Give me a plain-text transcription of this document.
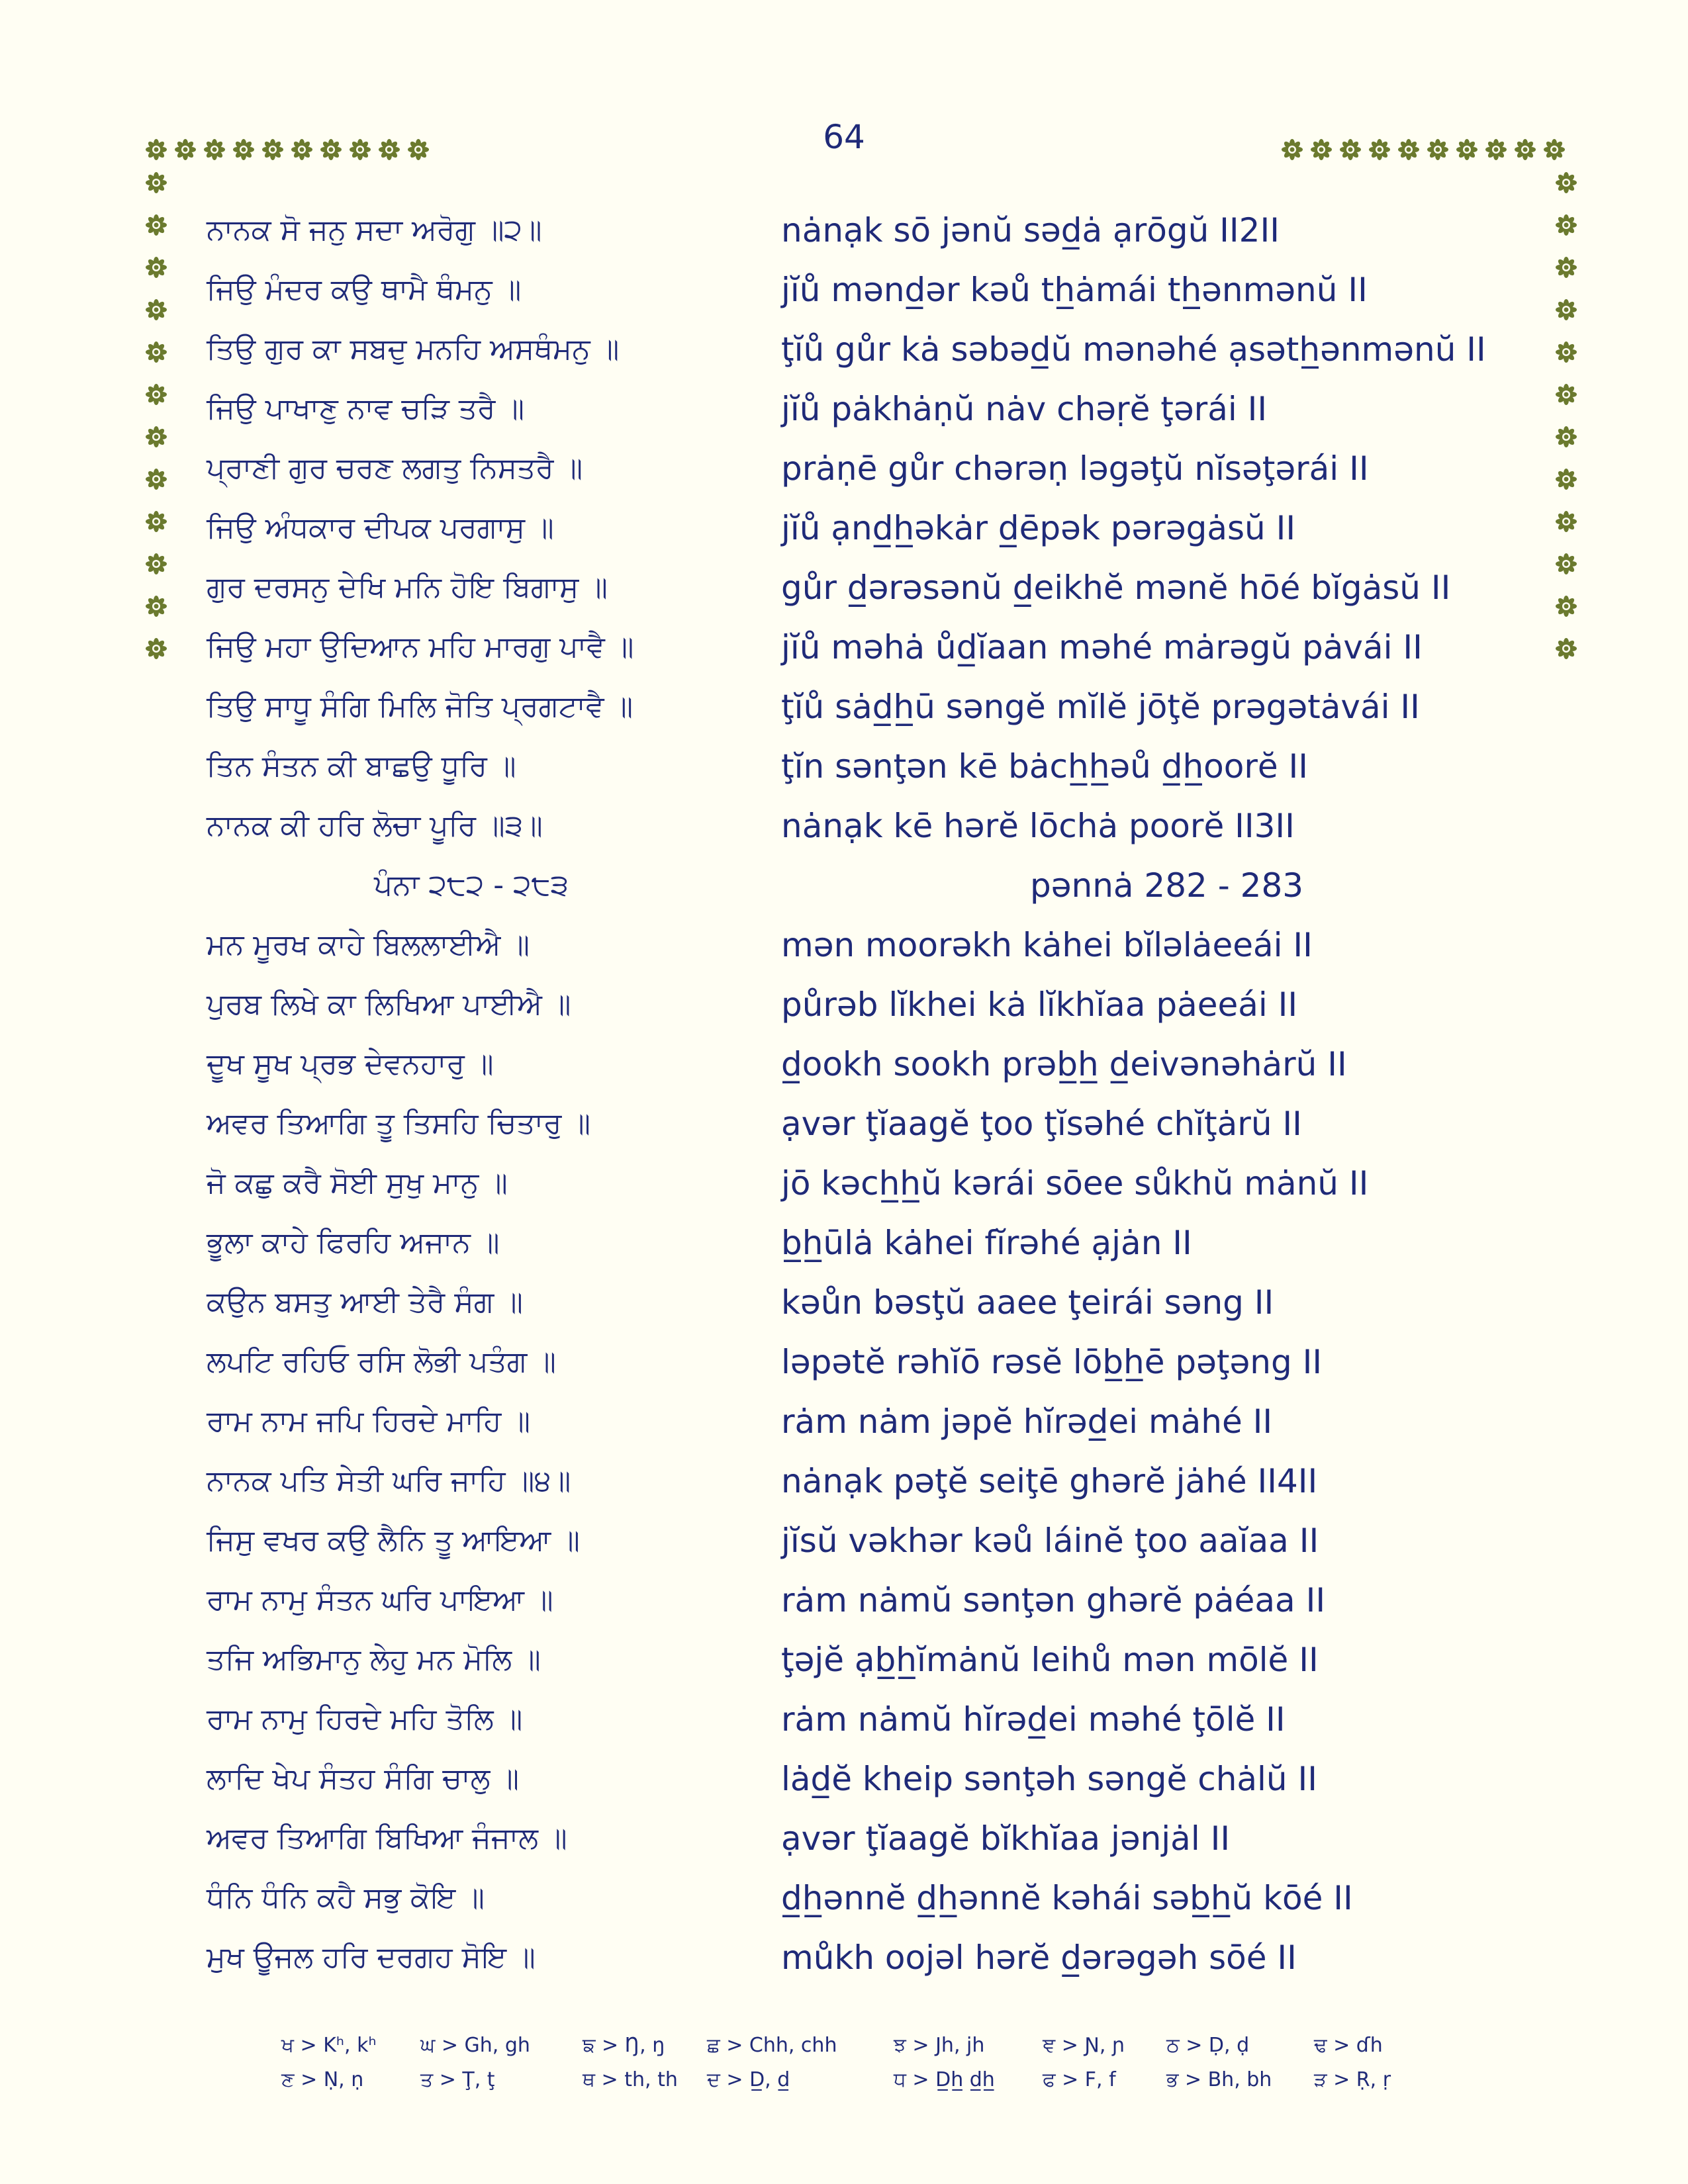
64
ਨਾਨਕ ਸੋ ਜਨੁ ਸਦਾ ਅਰੋਗੁ ॥੨॥	nȧnạk sō jənŭ səd̲ȧ ạrōgŭ II2II
ਜਿਉ ਮੰਦਰ ਕਉ ਥਾਮੈ ਥੰਮਨੁ ॥	jĭů mənd̲ər kəů th̲ȧmái th̲ənmənŭ II
ਤਿਉ ਗੁਰ ਕਾ ਸਬਦੁ ਮਨਹਿ ਅਸਥੰਮਨੁ ॥	ţĭů gůr kȧ səbəd̲ŭ mənəhé ạsəth̲ənmənŭ II
ਜਿਉ ਪਾਖਾਣੁ ਨਾਵ ਚੜਿ ਤਰੈ ॥	jĭů pȧkhȧṇŭ nȧv chəṛĕ ţərái II
ਪ੍ਰਾਣੀ ਗੁਰ ਚਰਣ ਲਗਤੁ ਨਿਸਤਰੈ ॥	prȧṇē gůr chərəṇ ləgəţŭ nĭsəţərái II
ਜਿਉ ਅੰਧਕਾਰ ਦੀਪਕ ਪਰਗਾਸੁ ॥	jĭů ạnd̲h̲əkȧr d̲ēpək pərəgȧsŭ II
ਗੁਰ ਦਰਸਨੁ ਦੇਖਿ ਮਨਿ ਹੋਇ ਬਿਗਾਸੁ ॥	gůr d̲ərəsənŭ d̲eikhĕ mənĕ hōé bĭgȧsŭ II
ਜਿਉ ਮਹਾ ਉਦਿਆਨ ਮਹਿ ਮਾਰਗੁ ਪਾਵੈ ॥	jĭů məhȧ ůd̲ĭaan məhé mȧrəgŭ pȧvái II
ਤਿਉ ਸਾਧੂ ਸੰਗਿ ਮਿਲਿ ਜੋਤਿ ਪ੍ਰਗਟਾਵੈ ॥	ţĭů sȧd̲h̲ū səngĕ mĭlĕ jōţĕ prəgətȧvái II
ਤਿਨ ਸੰਤਨ ਕੀ ਬਾਛਉ ਧੂਰਿ ॥	ţĭn sənţən kē bȧch̲h̲əů d̲h̲oorĕ II
ਨਾਨਕ ਕੀ ਹਰਿ ਲੋਚਾ ਪੂਰਿ ॥੩॥	nȧnạk kē hərĕ lōchȧ poorĕ II3II
ਪੰਨਾ ੨੮੨ - ੨੮੩	pənnȧ 282 - 283
ਮਨ ਮੂਰਖ ਕਾਹੇ ਬਿਲਲਾਈਐ ॥	mən moorəkh kȧhei bĭləlȧeeái II
ਪੁਰਬ ਲਿਖੇ ਕਾ ਲਿਖਿਆ ਪਾਈਐ ॥	půrəb lĭkhei kȧ lĭkhĭaa pȧeeái II
ਦੂਖ ਸੂਖ ਪ੍ਰਭ ਦੇਵਨਹਾਰੁ ॥	d̲ookh sookh prəb̲h̲ d̲eivənəhȧrŭ II
ਅਵਰ ਤਿਆਗਿ ਤੂ ਤਿਸਹਿ ਚਿਤਾਰੁ ॥	ạvər ţĭaagĕ ţoo ţĭsəhé chĭţȧrŭ II
ਜੋ ਕਛੁ ਕਰੈ ਸੋਈ ਸੁਖੁ ਮਾਨੁ ॥	jō kəch̲h̲ŭ kərái sōee sůkhŭ mȧnŭ II
ਭੂਲਾ ਕਾਹੇ ਫਿਰਹਿ ਅਜਾਨ ॥	b̲h̲ūlȧ kȧhei fĭrəhé ạjȧn II
ਕਉਨ ਬਸਤੁ ਆਈ ਤੇਰੈ ਸੰਗ ॥	kəůn bəsţŭ aaee ţeirái səng II
ਲਪਟਿ ਰਹਿਓ ਰਸਿ ਲੋਭੀ ਪਤੰਗ ॥	ləpətĕ rəhĭō rəsĕ lōb̲h̲ē pəţəng II
ਰਾਮ ਨਾਮ ਜਪਿ ਹਿਰਦੇ ਮਾਹਿ ॥	rȧm nȧm jəpĕ hĭrəd̲ei mȧhé II
ਨਾਨਕ ਪਤਿ ਸੇਤੀ ਘਰਿ ਜਾਹਿ ॥੪॥	nȧnạk pəţĕ seiţē ghərĕ jȧhé II4II
ਜਿਸੁ ਵਖਰ ਕਉ ਲੈਨਿ ਤੂ ਆਇਆ ॥	jĭsŭ vəkhər kəů láinĕ ţoo aaĭaa II
ਰਾਮ ਨਾਮੁ ਸੰਤਨ ਘਰਿ ਪਾਇਆ ॥	rȧm nȧmŭ sənţən ghərĕ pȧéaa II
ਤਜਿ ਅਭਿਮਾਨੁ ਲੇਹੁ ਮਨ ਮੋਲਿ ॥	ţəjĕ ạb̲h̲ĭmȧnŭ leihů mən mōlĕ II
ਰਾਮ ਨਾਮੁ ਹਿਰਦੇ ਮਹਿ ਤੋਲਿ ॥	rȧm nȧmŭ hĭrəd̲ei məhé ţōlĕ II
ਲਾਦਿ ਖੇਪ ਸੰਤਹ ਸੰਗਿ ਚਾਲੁ ॥	lȧd̲ĕ kheip sənţəh səngĕ chȧlŭ II
ਅਵਰ ਤਿਆਗਿ ਬਿਖਿਆ ਜੰਜਾਲ ॥	ạvər ţĭaagĕ bĭkhĭaa jənjȧl II
ਧੰਨਿ ਧੰਨਿ ਕਹੈ ਸਭੁ ਕੋਇ ॥	d̲h̲ənnĕ d̲h̲ənnĕ kəhái səb̲h̲ŭ kōé II
ਮੁਖ ਊਜਲ ਹਰਿ ਦਰਗਹ ਸੋਇ ॥	můkh oojəl hərĕ d̲ərəgəh sōé II
ਖ > Kʰ, kʰ ਘ > Gh, gh	ਙ > Ŋ, ŋ ਛ > Chh, chh	ਝ > Jh, jh	ਞ > Ɲ, ɲ ਠ > Ḍ, ḍ	ਢ > ɗh
ਣ > Ṇ, ṇ	ਤ > Ţ, ţ	ਥ > th, th ਦ > D̲, d̲	ਧ > D̲h̲ d̲h̲ ਫ > F, f	ਭ > Bh, bh ੜ > Ṛ, ṛ
